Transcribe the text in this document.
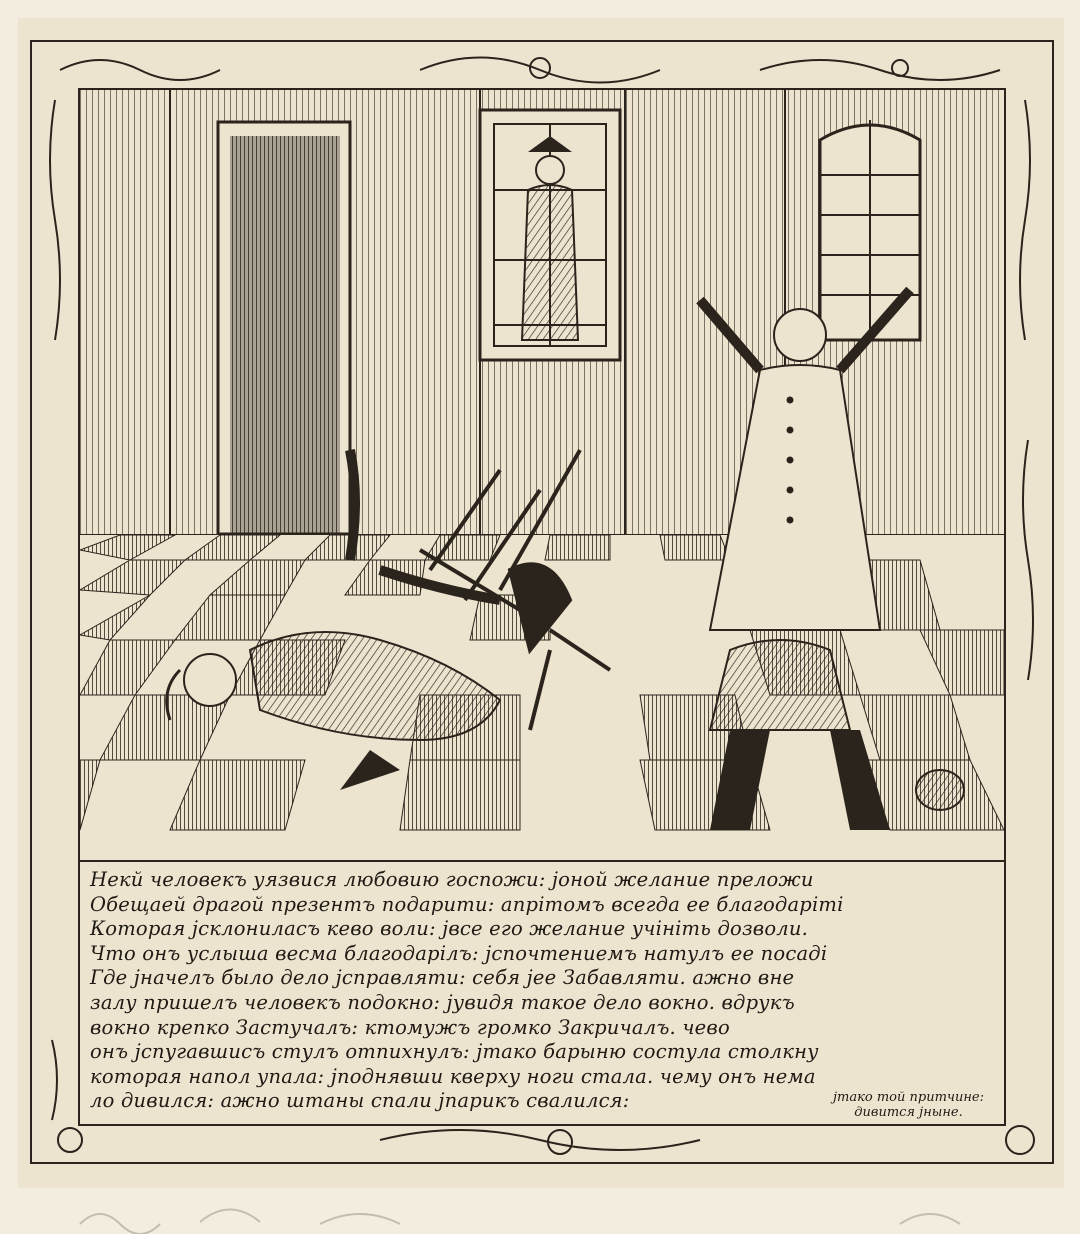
Некй человекъ уязвися любовию госпожи: јоной желание преложи
Обещаей драгой презентъ подарити: апрітомъ всегда ее благодаріті
Которая јсклониласъ кево воли: јвсе его желание учініть дозволи.
Что онъ услыша весма благодарілъ: јспочтениемъ натулъ ее посаді
Где јначелъ было дело јсправляти: себя јее Забавляти. ажно вне
залу пришелъ человекъ подокно: јувидя такое дело вокно. вдрукъ
вокно крепко Застучалъ: ктомужъ громко Закричалъ. чево
онъ јспугавшисъ стулъ отпихнулъ: јтако барыню состула столкну
которая напол упала: јподнявши кверху ноги стала. чему онъ нема
ло дивился: ажно штаны спали јпарикъ свалился:	јтако той притчине:
дивится јныне.
